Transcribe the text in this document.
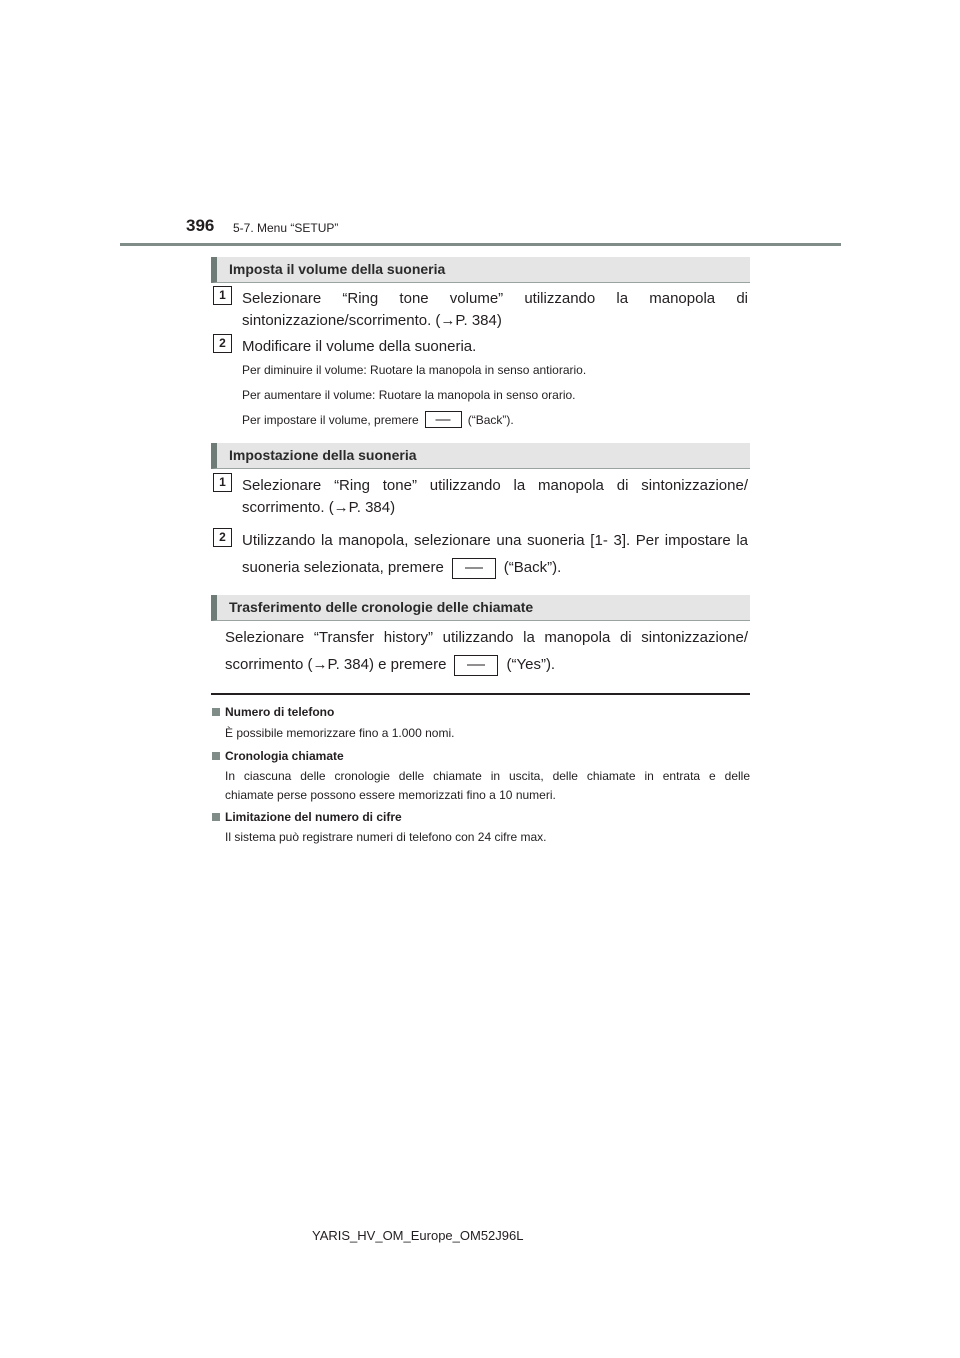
396 5-7. Menu “SETUP”
Imposta il volume della suoneria
1	Selezionare “Ring tone volume” utilizzando la manopola di
sintonizzazione/scorrimento. (→P. 384)
2	Modificare il volume della suoneria.
Per diminuire il volume: Ruotare la manopola in senso antiorario.
Per aumentare il volume: Ruotare la manopola in senso orario.
Per impostare il volume, premere	(“Back”).
Impostazione della suoneria
1	Selezionare “Ring tone” utilizzando la manopola di sintonizzazione/
scorrimento. (→P. 384)
2	Utilizzando la manopola, selezionare una suoneria [1- 3]. Per impostare la
suoneria selezionata, premere	(“Back”).
Trasferimento delle cronologie delle chiamate
Selezionare “Transfer history” utilizzando la manopola di sintonizzazione/
scorrimento (→P. 384) e premere	(“Yes”).
Numero di telefono
È possibile memorizzare fino a 1.000 nomi.
Cronologia chiamate
In ciascuna delle cronologie delle chiamate in uscita, delle chiamate in entrata e delle
chiamate perse possono essere memorizzati fino a 10 numeri.
Limitazione del numero di cifre
Il sistema può registrare numeri di telefono con 24 cifre max.
YARIS_HV_OM_Europe_OM52J96L
